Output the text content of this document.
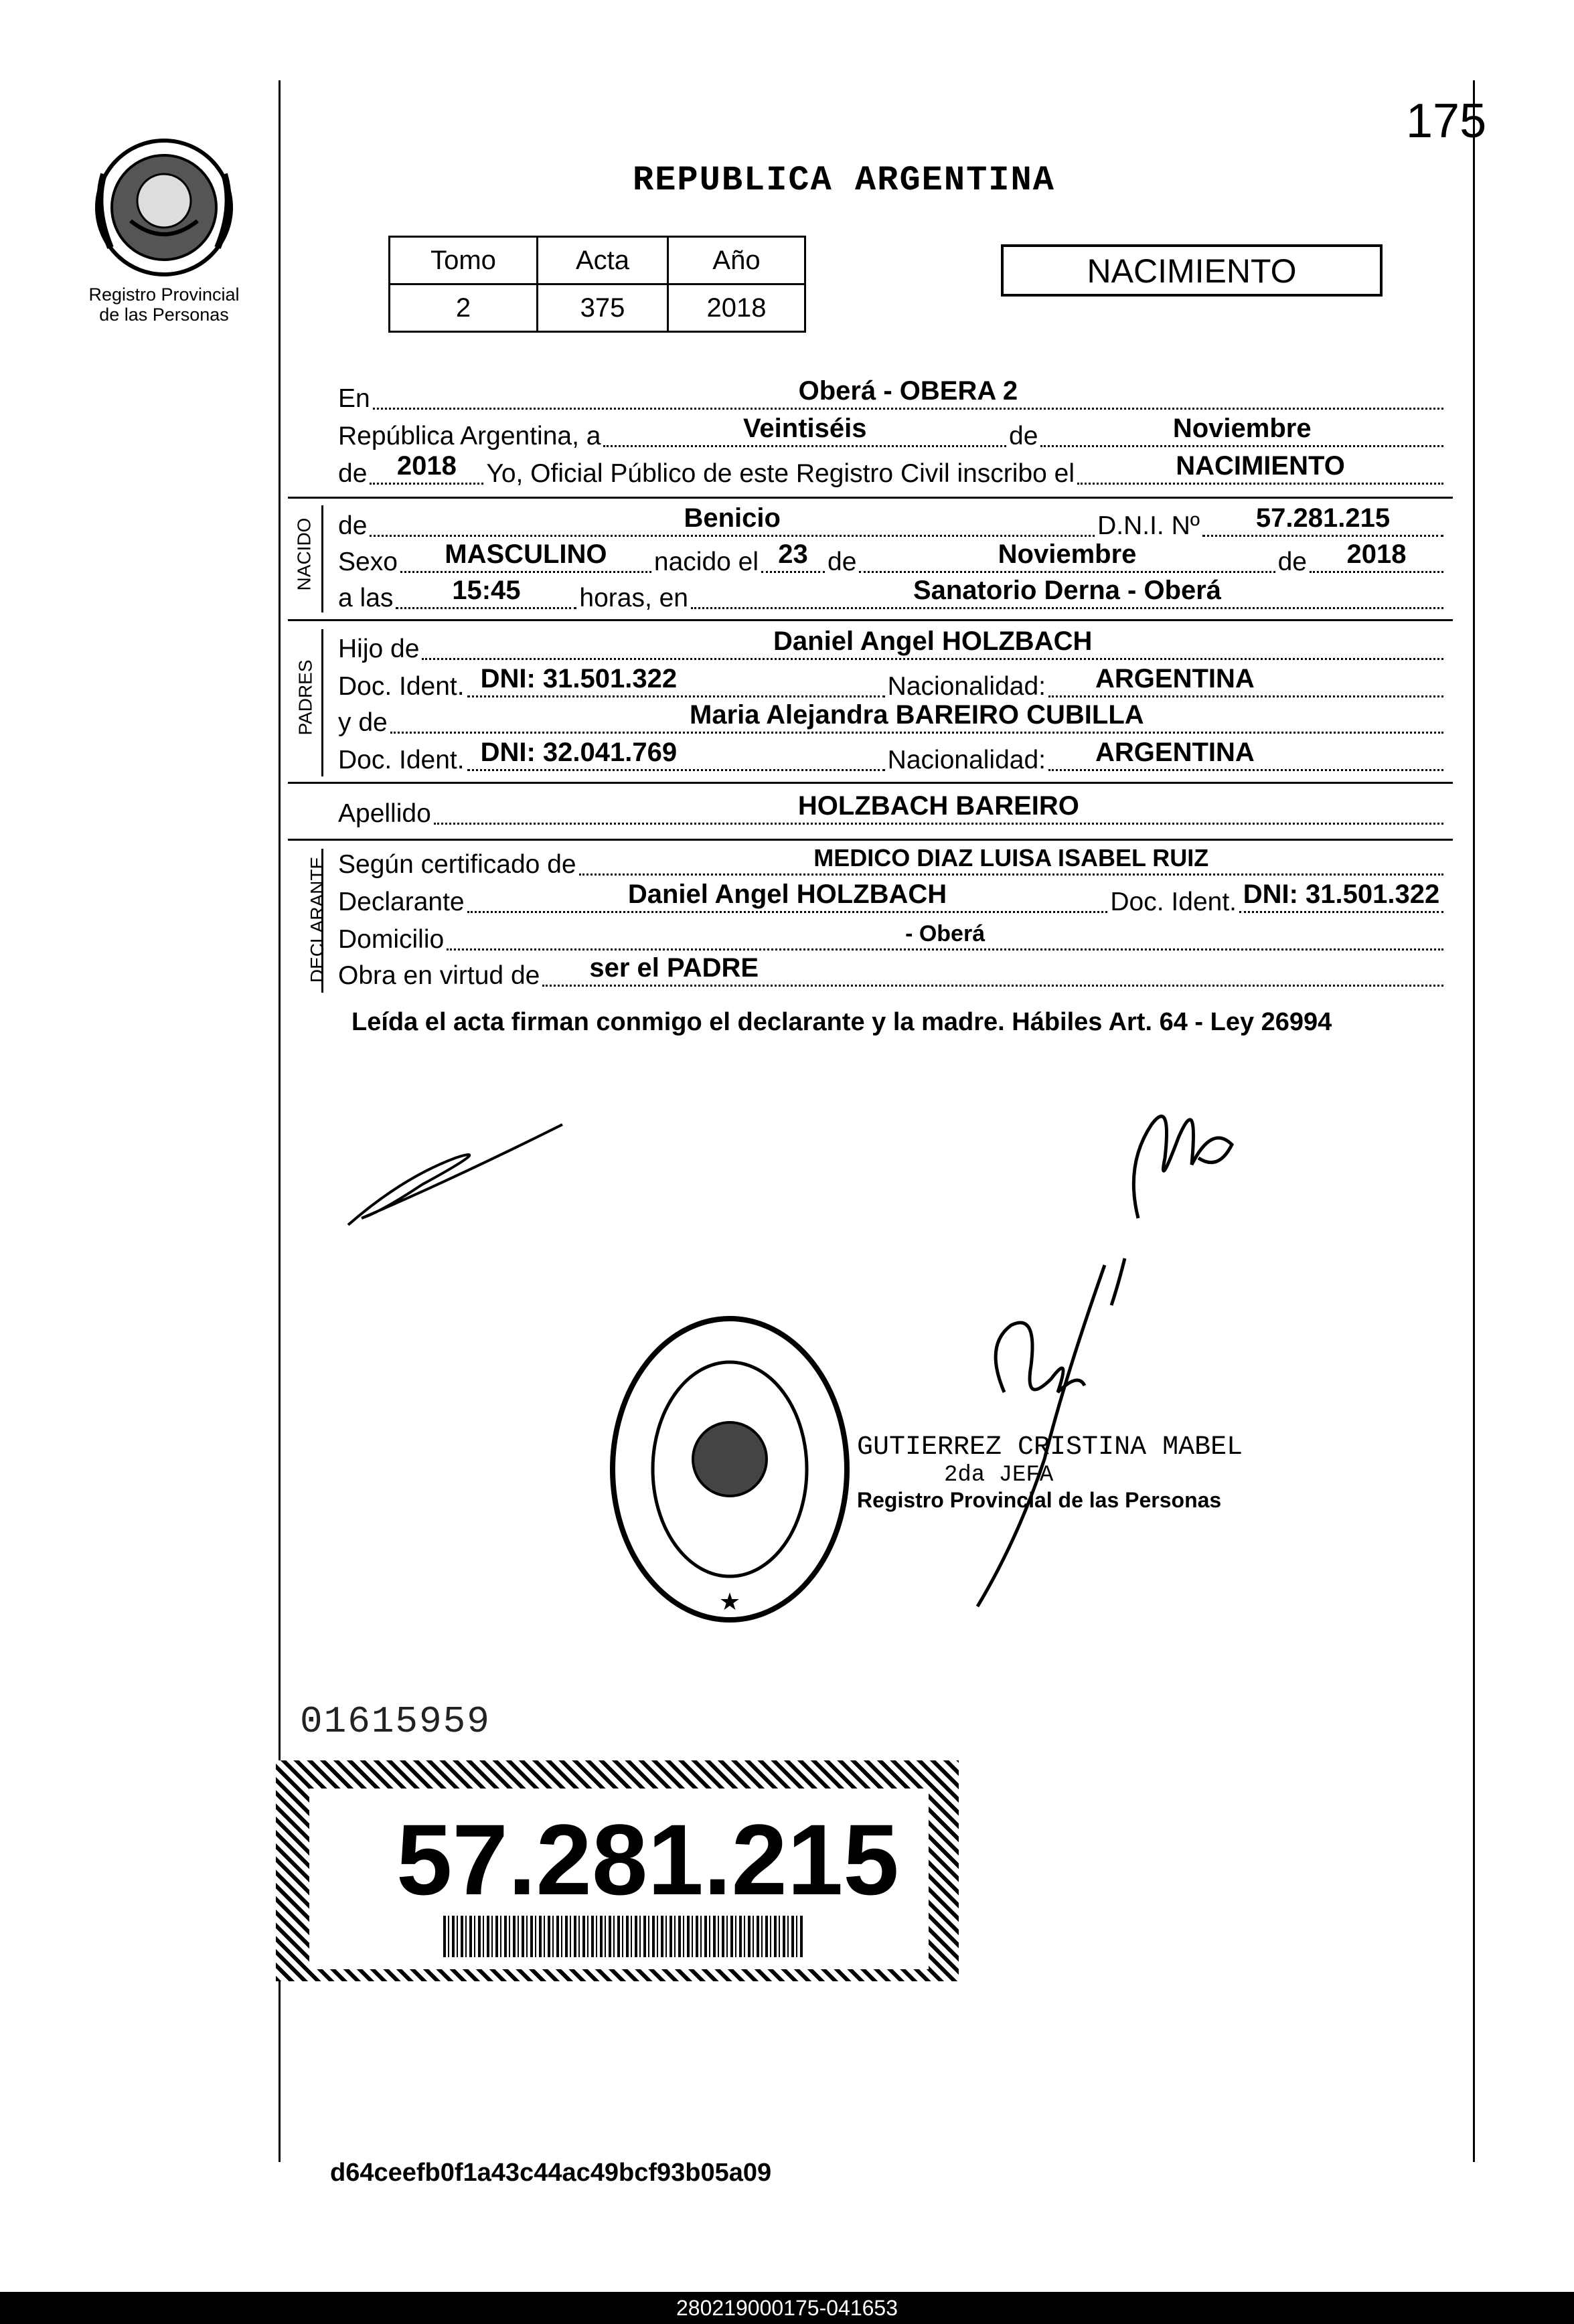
175
Registro Provincial
de las Personas
REPUBLICA ARGENTINA
Tomo	Acta	Año
2	375	2018
NACIMIENTO
NACIDO
PADRES
DECLARANTE
En	Oberá - OBERA 2
República Argentina, a	Veintiséis	de	Noviembre
de	2018	Yo, Oficial Público de este Registro Civil inscribo el	NACIMIENTO
de	Benicio	D.N.I. Nº	57.281.215
Sexo	MASCULINO	nacido el 23 de	Noviembre	de	2018
a las	15:45	horas, en	Sanatorio Derna - Oberá
Hijo de	Daniel Angel HOLZBACH
Doc. Ident. DNI: 31.501.322	Nacionalidad:	ARGENTINA
y de	Maria Alejandra BAREIRO CUBILLA
Doc. Ident. DNI: 32.041.769	Nacionalidad:	ARGENTINA
Apellido	HOLZBACH BAREIRO
Según certificado de	MEDICO DIAZ LUISA ISABEL RUIZ
Declarante	Daniel Angel HOLZBACH	Doc. Ident. DNI: 31.501.322
Domicilio	- Oberá
Obra en virtud de	ser el PADRE
Leída el acta firman conmigo el declarante y la madre. Hábiles Art. 64 - Ley 26994
★
GUTIERREZ CRISTINA MABEL
2da JEFA
Registro Provincial de las Personas
01615959
57.281.215
d64ceefb0f1a43c44ac49bcf93b05a09
280219000175-041653
